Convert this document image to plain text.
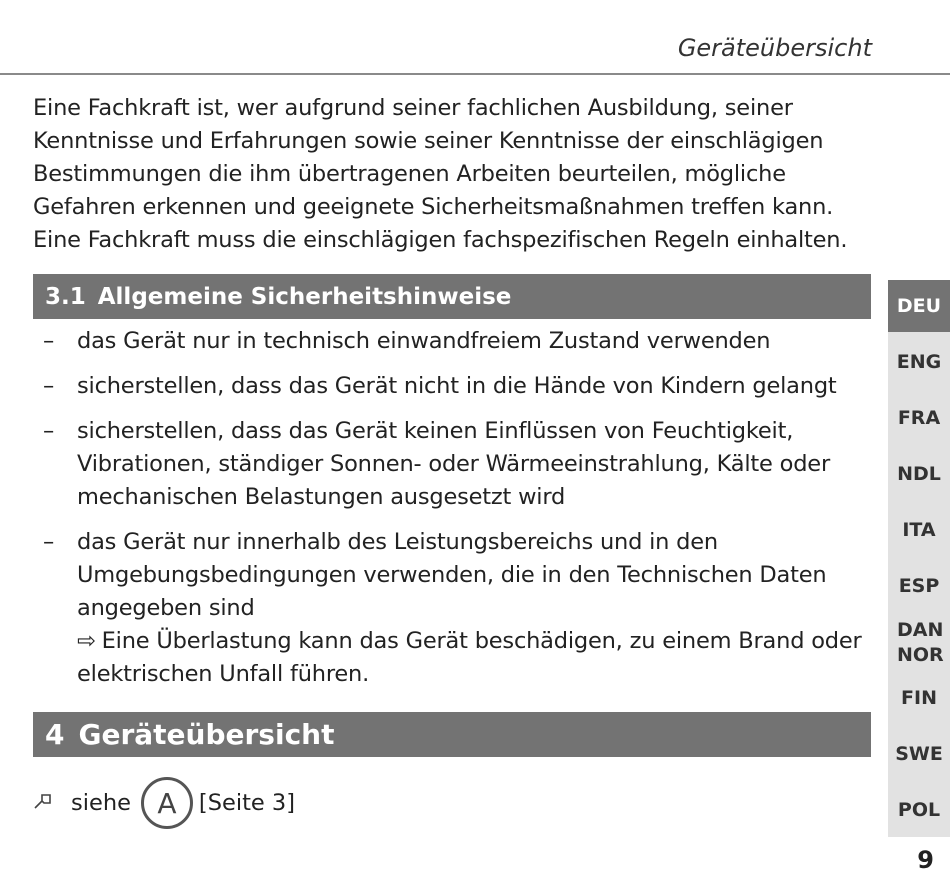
Geräteübersicht

Eine Fachkraft ist, wer aufgrund seiner fachlichen Ausbildung, seiner Kenntnisse und Erfahrungen sowie seiner Kenntnisse der einschlägigen Bestimmungen die ihm übertragenen Arbeiten beurteilen, mögliche Gefahren erkennen und geeignete Sicherheitsmaßnahmen treffen kann. Eine Fachkraft muss die einschlägigen fachspezifischen Regeln einhalten.

3.1 Allgemeine Sicherheitshinweise
– das Gerät nur in technisch einwandfreiem Zustand verwenden
– sicherstellen, dass das Gerät nicht in die Hände von Kindern gelangt
– sicherstellen, dass das Gerät keinen Einflüssen von Feuchtigkeit, Vibrationen, ständiger Sonnen- oder Wärmeeinstrahlung, Kälte oder mechanischen Belastungen ausgesetzt wird
– das Gerät nur innerhalb des Leistungsbereichs und in den Umgebungsbedingungen verwenden, die in den Technischen Daten angegeben sind
⇨ Eine Überlastung kann das Gerät beschädigen, zu einem Brand oder elektrischen Unfall führen.
4 Geräteübersicht
siehe A [Seite 3]
DEU
ENG
FRA
NDL
ITA
ESP
DAN NOR
FIN
SWE
POL
9
